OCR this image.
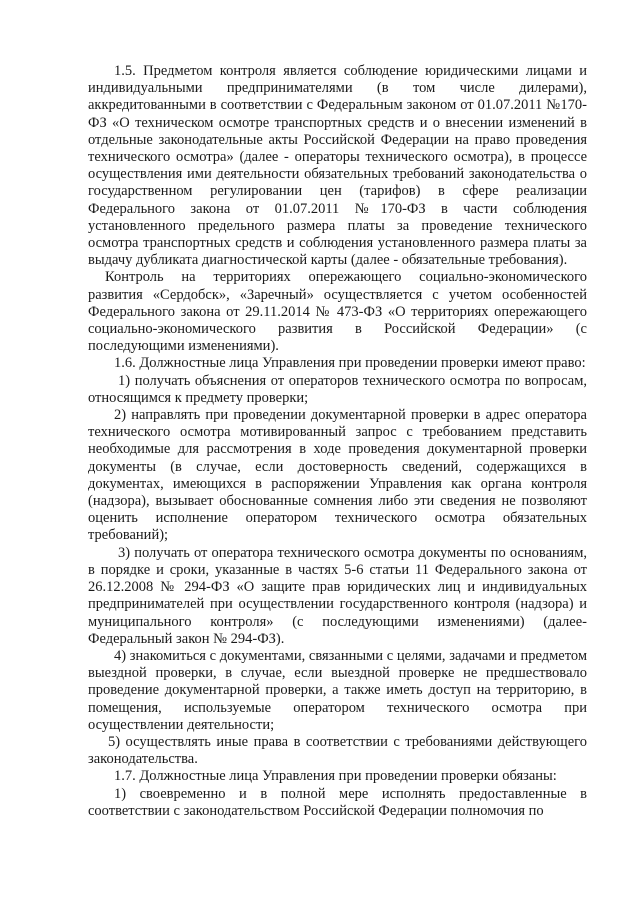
1.5. Предметом контроля является соблюдение юридическими лицами и индивидуальными предпринимателями (в том числе дилерами), аккредитованными в соответствии с Федеральным законом от 01.07.2011 №170-ФЗ «О техническом осмотре транспортных средств и о внесении изменений в отдельные законодательные акты Российской Федерации на право проведения технического осмотра» (далее - операторы технического осмотра), в процессе осуществления ими деятельности обязательных требований законодательства о государственном регулировании цен (тарифов) в сфере реализации Федерального закона от 01.07.2011 №170-ФЗ в части соблюдения установленного предельного размера платы за проведение технического осмотра транспортных средств и соблюдения установленного размера платы за выдачу дубликата диагностической карты (далее - обязательные требования).

Контроль на территориях опережающего социально-экономического развития «Сердобск», «Заречный» осуществляется с учетом особенностей Федерального закона от 29.11.2014 № 473-ФЗ «О территориях опережающего социально-экономического развития в Российской Федерации» (с последующими изменениями).

1.6. Должностные лица Управления при проведении проверки имеют право:

1) получать объяснения от операторов технического осмотра по вопросам, относящимся к предмету проверки;

2) направлять при проведении документарной проверки в адрес оператора технического осмотра мотивированный запрос с требованием представить необходимые для рассмотрения в ходе проведения документарной проверки документы (в случае, если достоверность сведений, содержащихся в документах, имеющихся в распоряжении Управления как органа контроля (надзора), вызывает обоснованные сомнения либо эти сведения не позволяют оценить исполнение оператором технического осмотра обязательных требований);

3) получать от оператора технического осмотра документы по основаниям, в порядке и сроки, указанные в частях 5-6 статьи 11 Федерального закона от 26.12.2008 № 294-ФЗ «О защите прав юридических лиц и индивидуальных предпринимателей при осуществлении государственного контроля (надзора) и муниципального контроля» (с последующими изменениями) (далее-Федеральный закон № 294-ФЗ).

4) знакомиться с документами, связанными с целями, задачами и предметом выездной проверки, в случае, если выездной проверке не предшествовало проведение документарной проверки, а также иметь доступ на территорию, в помещения, используемые оператором технического осмотра при осуществлении деятельности;

5) осуществлять иные права в соответствии с требованиями действующего законодательства.

1.7. Должностные лица Управления при проведении проверки обязаны:

1) своевременно и в полной мере исполнять предоставленные в соответствии с законодательством Российской Федерации полномочия по
